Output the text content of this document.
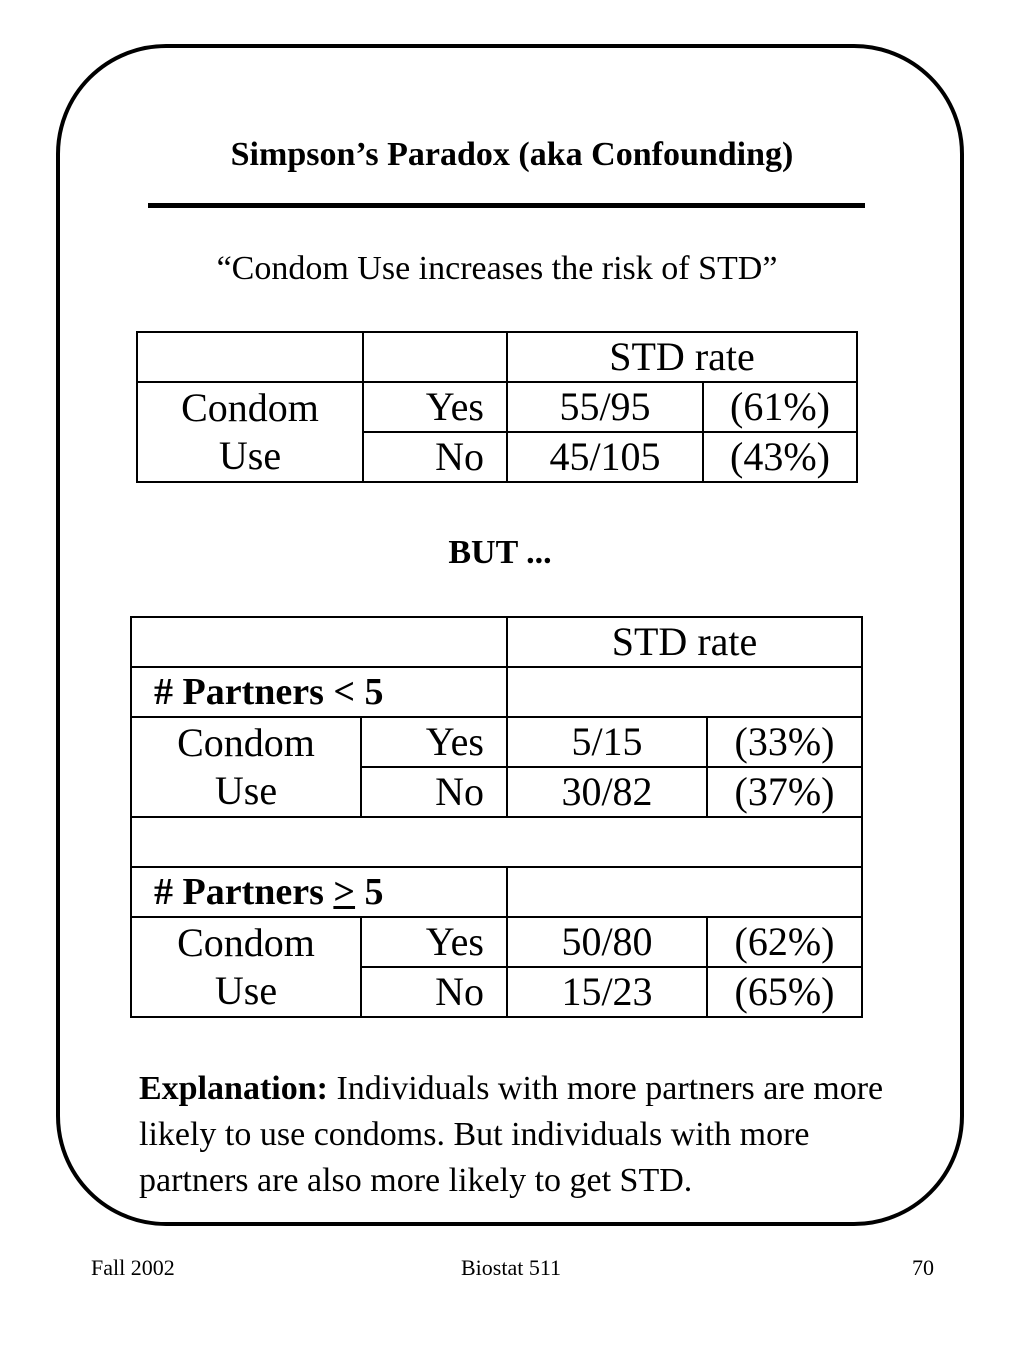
Simpson’s Paradox (aka Confounding)
“Condom Use increases the risk of STD”
		STD rate	

Condom
Use	Yes	55/95	(61%)
	No	45/105	(43%)
BUT ...
		STD rate	
# Partners < 5			

Condom
Use	Yes	5/15	(33%)
	No	30/82	(37%)

# Partners > 5			

Condom
Use	Yes	50/80	(62%)
	No	15/23	(65%)
Explanation: Individuals with more partners are more likely to use condoms. But individuals with more partners are also more likely to get STD.
Fall 2002	Biostat 511	70
